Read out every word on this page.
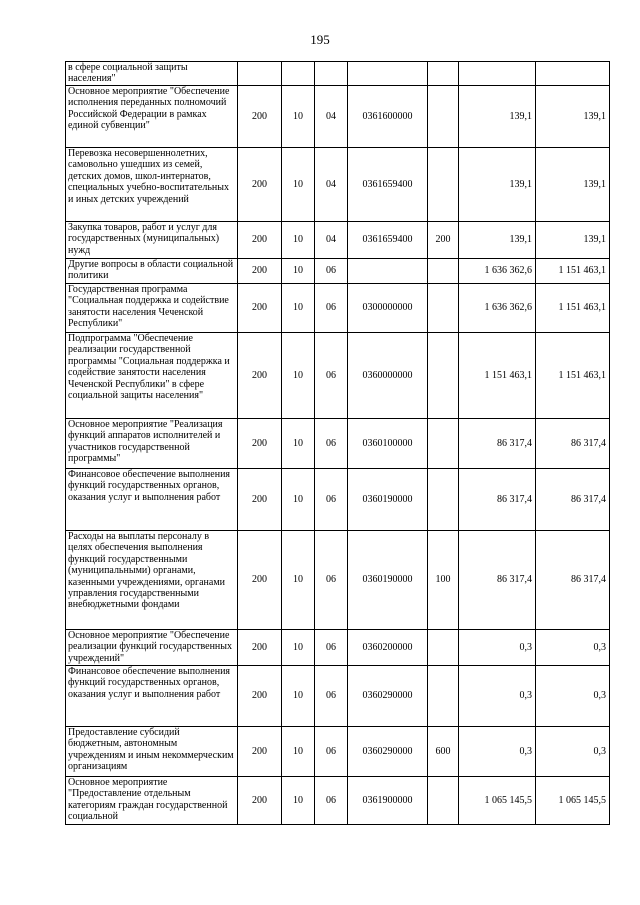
195
в сфере социальной защиты населения"							
Основное мероприятие "Обеспечение исполнения переданных полномочий Российской Федерации в рамках единой субвенции"	200	10	04	0361600000		139,1	139,1
Перевозка несовершеннолетних, самовольно ушедших из семей, детских домов, школ-интернатов, специальных учебно-воспитательных и иных детских учреждений	200	10	04	0361659400		139,1	139,1
Закупка товаров, работ и услуг для государственных (муниципальных) нужд	200	10	04	0361659400	200	139,1	139,1
Другие вопросы в области социальной политики	200	10	06			1 636 362,6	1 151 463,1
Государственная программа "Социальная поддержка и содействие занятости населения Чеченской Республики"	200	10	06	0300000000		1 636 362,6	1 151 463,1
Подпрограмма "Обеспечение реализации государственной программы "Социальная поддержка и содействие занятости населения Чеченской Республики" в сфере социальной защиты населения"	200	10	06	0360000000		1 151 463,1	1 151 463,1
Основное мероприятие "Реализация функций аппаратов исполнителей и участников государственной программы"	200	10	06	0360100000		86 317,4	86 317,4
Финансовое обеспечение выполнения функций государственных органов, оказания услуг и выполнения работ	200	10	06	0360190000		86 317,4	86 317,4
Расходы на выплаты персоналу в целях обеспечения выполнения функций государственными (муниципальными) органами, казенными учреждениями, органами управления государственными внебюджетными фондами	200	10	06	0360190000	100	86 317,4	86 317,4
Основное мероприятие "Обеспечение реализации функций государственных учреждений"	200	10	06	0360200000		0,3	0,3
Финансовое обеспечение выполнения функций государственных органов, оказания услуг и выполнения работ	200	10	06	0360290000		0,3	0,3
Предоставление субсидий бюджетным, автономным учреждениям и иным некоммерческим организациям	200	10	06	0360290000	600	0,3	0,3
Основное мероприятие "Предоставление отдельным категориям граждан государственной социальной	200	10	06	0361900000		1 065 145,5	1 065 145,5
